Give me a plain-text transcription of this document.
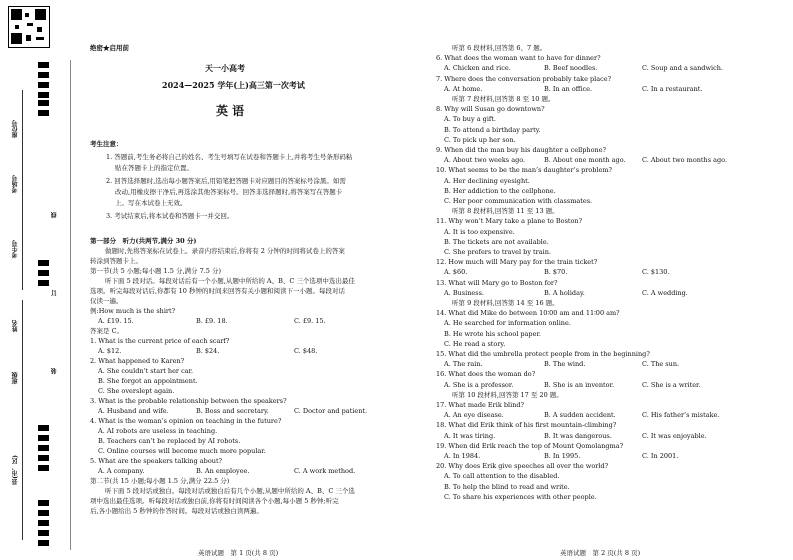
座位号
考场号
考生号
姓名
班级
县(市、区)
线
订
装
绝密★启用前
天一小高考
2024—2025 学年(上)高三第一次考试
英 语
考生注意：
1. 答题前,考生务必将自己的姓名、考生号填写在试卷和答题卡上,并将考生号条形码粘
贴在答题卡上的指定位置。
2. 回答选择题时,选出每小题答案后,用铅笔把答题卡对应题目的答案标号涂黑。如需
改动,用橡皮擦干净后,再选涂其他答案标号。回答非选择题时,将答案写在答题卡
上。写在本试卷上无效。
3. 考试结束后,将本试卷和答题卡一并交回。
第一部分　听力(共两节,满分 30 分)
做题时,先将答案标在试卷上。录音内容结束后,你将有 2 分钟的时间将试卷上的答案
转涂到答题卡上。
第一节(共 5 小题;每小题 1.5 分,满分 7.5 分)
听下面 5 段对话。每段对话后有一个小题,从题中所给的 A、B、C 三个选项中选出最佳
选项。听完每段对话后,你都有 10 秒钟的时间来回答有关小题和阅读下一小题。每段对话
仅读一遍。
例:How much is the shirt?
A. £19. 15.	B. £9. 18.	C. £9. 15.
答案是 C。
1. What is the current price of each scarf?
A. $12.	B. $24.	C. $48.
2. What happened to Karen?
A. She couldn’t start her car.
B. She forgot an appointment.
C. She overslept again.
3. What is the probable relationship between the speakers?
A. Husband and wife.	B. Boss and secretary.	C. Doctor and patient.
4. What is the woman’s opinion on teaching in the future?
A. AI robots are useless in teaching.
B. Teachers can’t be replaced by AI robots.
C. Online courses will become much more popular.
5. What are the speakers talking about?
A. A company.	B. An employee.	C. A work method.
第二节(共 15 小题;每小题 1.5 分,满分 22.5 分)
听下面 5 段对话或独白。每段对话或独白后有几个小题,从题中所给的 A、B、C 三个选
项中选出最佳选项。听每段对话或独白前,你将有时间阅读各个小题,每小题 5 秒钟;听完
后,各小题给出 5 秒钟的作答时间。每段对话或独白读两遍。
英语试题　第 1 页(共 8 页)
听第 6 段材料,回答第 6、7 题。
6. What does the woman want to have for dinner?
A. Chicken and rice.	B. Beef noodles.	C. Soup and a sandwich.
7. Where does the conversation probably take place?
A. At home.	B. In an office.	C. In a restaurant.
听第 7 段材料,回答第 8 至 10 题。
8. Why will Susan go downtown?
A. To buy a gift.
B. To attend a birthday party.
C. To pick up her son.
9. When did the man buy his daughter a cellphone?
A. About two weeks ago.	B. About one month ago.	C. About two months ago.
10. What seems to be the man’s daughter’s problem?
A. Her declining eyesight.
B. Her addiction to the cellphone.
C. Her poor communication with classmates.
听第 8 段材料,回答第 11 至 13 题。
11. Why won’t Mary take a plane to Boston?
A. It is too expensive.
B. The tickets are not available.
C. She prefers to travel by train.
12. How much will Mary pay for the train ticket?
A. $60.	B. $70.	C. $130.
13. What will Mary go to Boston for?
A. Business.	B. A holiday.	C. A wedding.
听第 9 段材料,回答第 14 至 16 题。
14. What did Mike do between 10∶00 am and 11∶00 am?
A. He searched for information online.
B. He wrote his school paper.
C. He read a story.
15. What did the umbrella protect people from in the beginning?
A. The rain.	B. The wind.	C. The sun.
16. What does the woman do?
A. She is a professor.	B. She is an inventor.	C. She is a writer.
听第 10 段材料,回答第 17 至 20 题。
17. What made Erik blind?
A. An eye disease.	B. A sudden accident.	C. His father’s mistake.
18. What did Erik think of his first mountain-climbing?
A. It was tiring.	B. It was dangerous.	C. It was enjoyable.
19. When did Erik reach the top of Mount Qomolangma?
A. In 1984.	B. In 1995.	C. In 2001.
20. Why does Erik give speeches all over the world?
A. To call attention to the disabled.
B. To help the blind to read and write.
C. To share his experiences with other people.
英语试题　第 2 页(共 8 页)
